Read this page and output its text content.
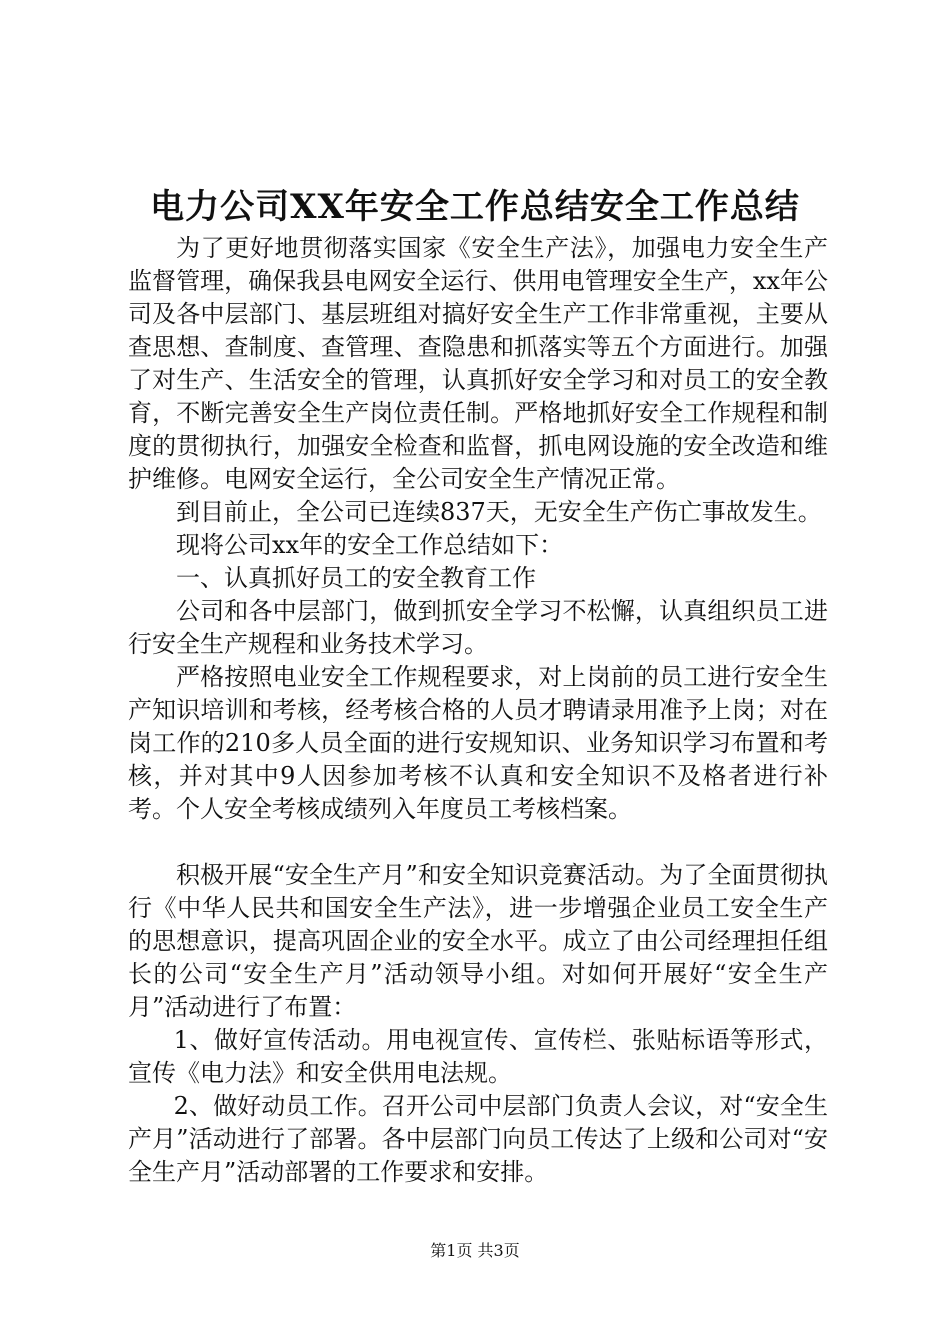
电力公司XX年安全工作总结安全工作总结

为了更好地贯彻落实国家《安全生产法》，加强电力安全生产监督管理，确保我县电网安全运行、供用电管理安全生产，xx年公司及各中层部门、基层班组对搞好安全生产工作非常重视，主要从查思想、查制度、查管理、查隐患和抓落实等五个方面进行。加强了对生产、生活安全的管理，认真抓好安全学习和对员工的安全教育，不断完善安全生产岗位责任制。严格地抓好安全工作规程和制度的贯彻执行，加强安全检查和监督，抓电网设施的安全改造和维护维修。电网安全运行，全公司安全生产情况正常。

到目前止，全公司已连续837天，无安全生产伤亡事故发生。

现将公司xx年的安全工作总结如下：

一、认真抓好员工的安全教育工作

公司和各中层部门，做到抓安全学习不松懈，认真组织员工进行安全生产规程和业务技术学习。

严格按照电业安全工作规程要求，对上岗前的员工进行安全生产知识培训和考核，经考核合格的人员才聘请录用准予上岗；对在岗工作的210多人员全面的进行安规知识、业务知识学习布置和考核，并对其中9人因参加考核不认真和安全知识不及格者进行补考。个人安全考核成绩列入年度员工考核档案。

积极开展“安全生产月”和安全知识竞赛活动。为了全面贯彻执行《中华人民共和国安全生产法》，进一步增强企业员工安全生产的思想意识，提高巩固企业的安全水平。成立了由公司经理担任组长的公司“安全生产月”活动领导小组。对如何开展好“安全生产月”活动进行了布置：

1、做好宣传活动。用电视宣传、宣传栏、张贴标语等形式，宣传《电力法》和安全供用电法规。

2、做好动员工作。召开公司中层部门负责人会议，对“安全生产月”活动进行了部署。各中层部门向员工传达了上级和公司对“安全生产月”活动部署的工作要求和安排。

第1页 共3页
